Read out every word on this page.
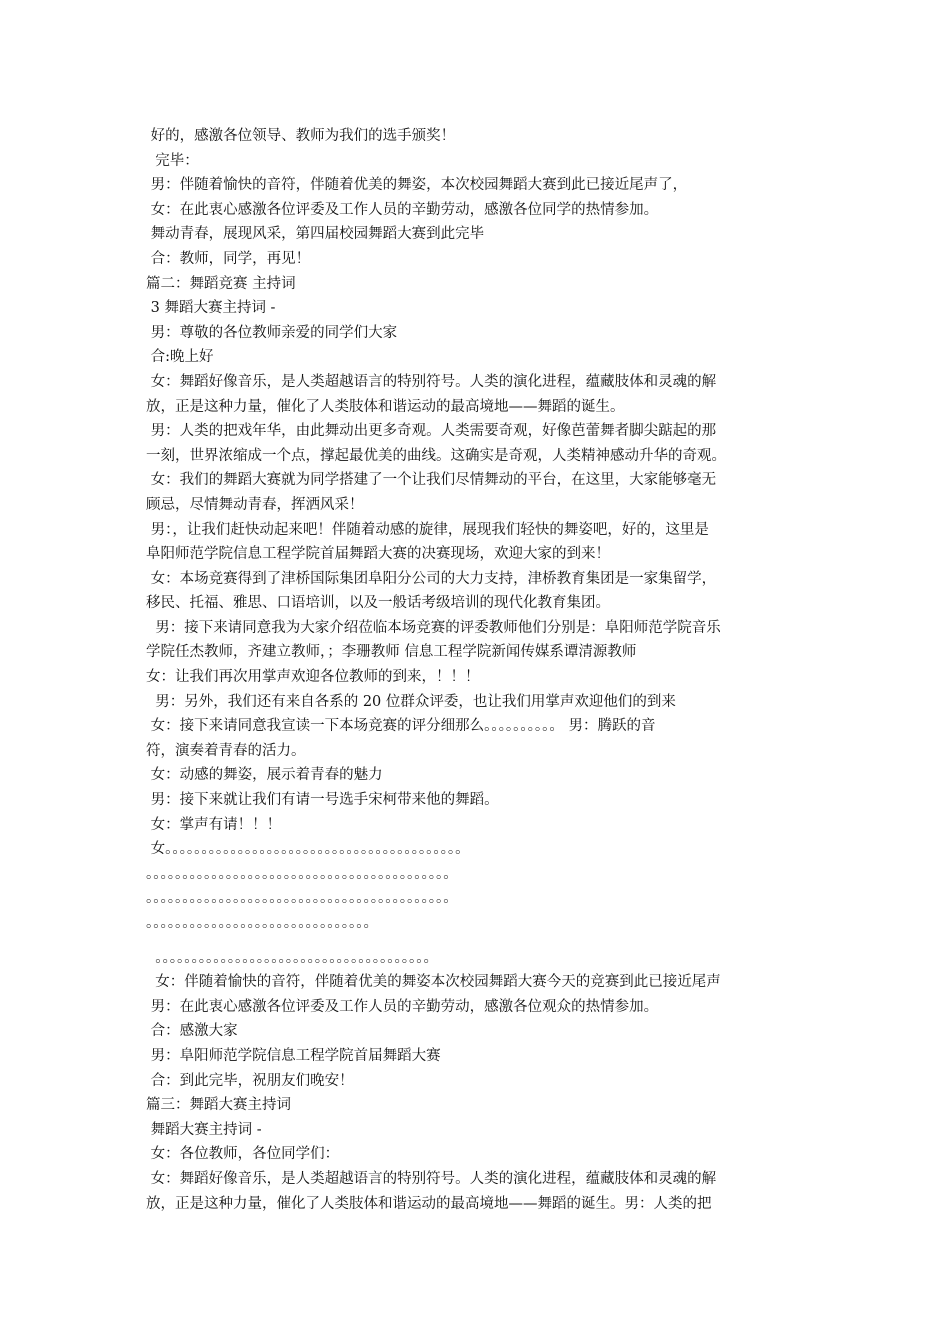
好的，感激各位领导、教师为我们的选手颁奖！
完毕：
男：伴随着愉快的音符，伴随着优美的舞姿，本次校园舞蹈大赛到此已接近尾声了，
女：在此衷心感激各位评委及工作人员的辛勤劳动，感激各位同学的热情参加。
舞动青春，展现风采，第四届校园舞蹈大赛到此完毕
合：教师，同学，再见！
篇二：舞蹈竞赛 主持词
3 舞蹈大赛主持词 -
男：尊敬的各位教师亲爱的同学们大家
合:晚上好
女：舞蹈好像音乐，是人类超越语言的特别符号。人类的演化进程，蕴藏肢体和灵魂的解
放，正是这种力量，催化了人类肢体和谐运动的最高境地——舞蹈的诞生。
男：人类的把戏年华，由此舞动出更多奇观。人类需要奇观，好像芭蕾舞者脚尖踮起的那
一刻，世界浓缩成一个点，撑起最优美的曲线。这确实是奇观，人类精神感动升华的奇观。
女：我们的舞蹈大赛就为同学搭建了一个让我们尽情舞动的平台，在这里，大家能够毫无
顾忌，尽情舞动青春，挥洒风采！
男：，让我们赶快动起来吧！伴随着动感的旋律，展现我们轻快的舞姿吧，好的，这里是
阜阳师范学院信息工程学院首届舞蹈大赛的决赛现场，欢迎大家的到来！
女：本场竞赛得到了津桥国际集团阜阳分公司的大力支持，津桥教育集团是一家集留学，
移民、托福、雅思、口语培训，以及一般话考级培训的现代化教育集团。
男：接下来请同意我为大家介绍莅临本场竞赛的评委教师他们分别是：阜阳师范学院音乐
学院任杰教师，齐建立教师，；李珊教师 信息工程学院新闻传媒系谭清源教师
女：让我们再次用掌声欢迎各位教师的到来，！！！
男：另外，我们还有来自各系的 20 位群众评委，也让我们用掌声欢迎他们的到来
女：接下来请同意我宣读一下本场竞赛的评分细那么。。。。。。。。。。 男：腾跃的音
符，演奏着青春的活力。
女：动感的舞姿，展示着青春的魅力
男：接下来就让我们有请一号选手宋柯带来他的舞蹈。
女：掌声有请！！！
女。。。。。。。。。。。。。。。。。。。。。。。。。。。。。。。。。。。。。。。。。
。。。。。。。。。。。。。。。。。。。。。。。。。。。。。。。。。。。。。。。。。。
。。。。。。。。。。。。。。。。。。。。。。。。。。。。。。。。。。。。。。。。。。
。。。。。。。。。。。。。。。。。。。。。。。。。。。。。。。
。。。。。。。。。。。。。。。。。。。。。。。。。。。。。。。。。。。。。。
女：伴随着愉快的音符，伴随着优美的舞姿本次校园舞蹈大赛今天的竞赛到此已接近尾声
男：在此衷心感激各位评委及工作人员的辛勤劳动，感激各位观众的热情参加。
合：感激大家
男：阜阳师范学院信息工程学院首届舞蹈大赛
合：到此完毕，祝朋友们晚安！
篇三：舞蹈大赛主持词
舞蹈大赛主持词 -
女：各位教师，各位同学们：
女：舞蹈好像音乐，是人类超越语言的特别符号。人类的演化进程，蕴藏肢体和灵魂的解
放，正是这种力量，催化了人类肢体和谐运动的最高境地——舞蹈的诞生。男：人类的把
